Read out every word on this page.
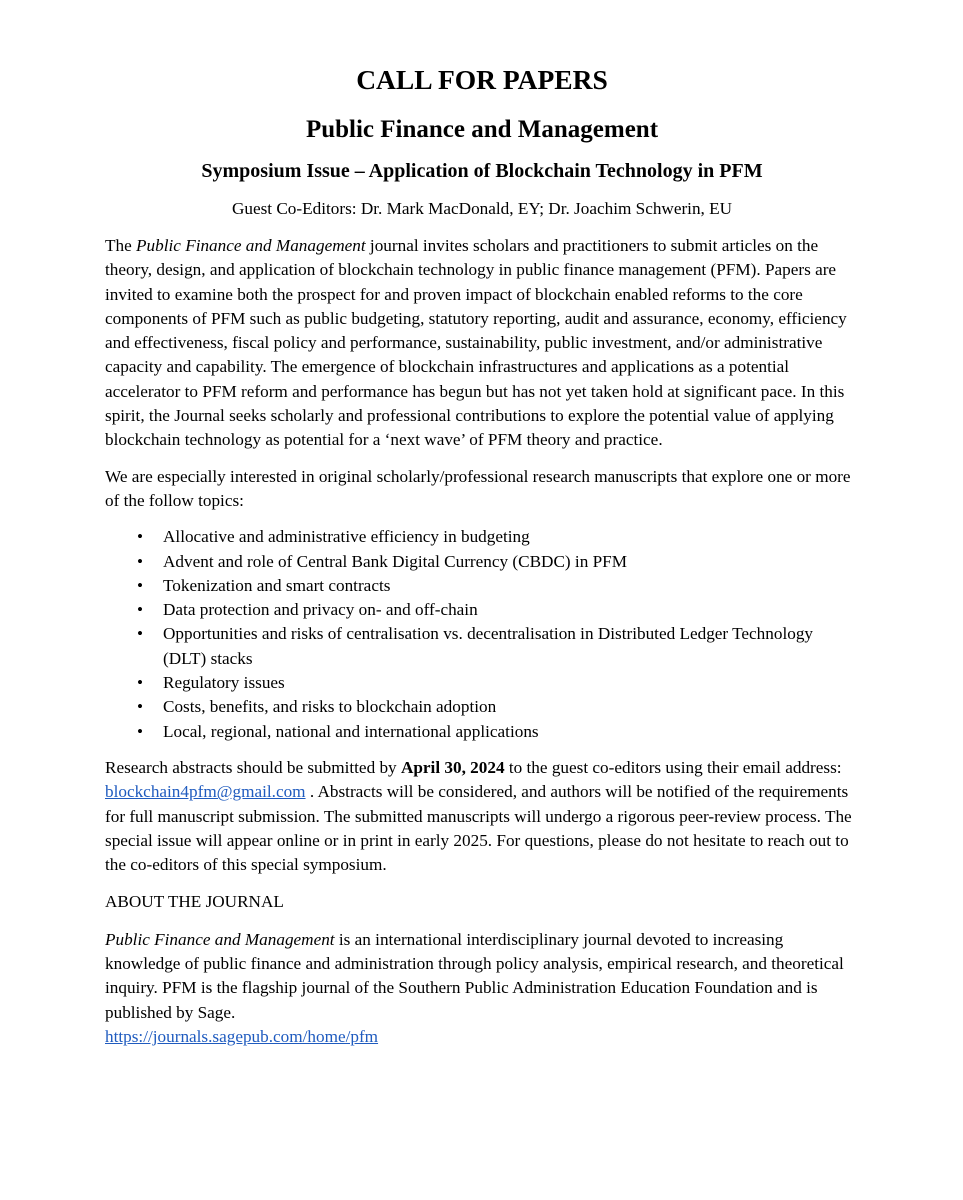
CALL FOR PAPERS
Public Finance and Management
Symposium Issue – Application of Blockchain Technology in PFM
Guest Co-Editors: Dr. Mark MacDonald, EY; Dr. Joachim Schwerin, EU

The Public Finance and Management journal invites scholars and practitioners to submit articles on the theory, design, and application of blockchain technology in public finance management (PFM). Papers are invited to examine both the prospect for and proven impact of blockchain enabled reforms to the core components of PFM such as public budgeting, statutory reporting, audit and assurance, economy, efficiency and effectiveness, fiscal policy and performance, sustainability, public investment, and/or administrative capacity and capability. The emergence of blockchain infrastructures and applications as a potential accelerator to PFM reform and performance has begun but has not yet taken hold at significant pace. In this spirit, the Journal seeks scholarly and professional contributions to explore the potential value of applying blockchain technology as potential for a ‘next wave’ of PFM theory and practice.

We are especially interested in original scholarly/professional research manuscripts that explore one or more of the follow topics:

•	Allocative and administrative efficiency in budgeting
•	Advent and role of Central Bank Digital Currency (CBDC) in PFM
•	Tokenization and smart contracts
•	Data protection and privacy on- and off-chain
•	Opportunities and risks of centralisation vs. decentralisation in Distributed Ledger Technology (DLT) stacks
•	Regulatory issues
•	Costs, benefits, and risks to blockchain adoption
•	Local, regional, national and international applications

Research abstracts should be submitted by April 30, 2024 to the guest co-editors using their email address: blockchain4pfm@gmail.com . Abstracts will be considered, and authors will be notified of the requirements for full manuscript submission. The submitted manuscripts will undergo a rigorous peer-review process. The special issue will appear online or in print in early 2025. For questions, please do not hesitate to reach out to the co-editors of this special symposium.

ABOUT THE JOURNAL

Public Finance and Management is an international interdisciplinary journal devoted to increasing knowledge of public finance and administration through policy analysis, empirical research, and theoretical inquiry. PFM is the flagship journal of the Southern Public Administration Education Foundation and is published by Sage.
https://journals.sagepub.com/home/pfm
